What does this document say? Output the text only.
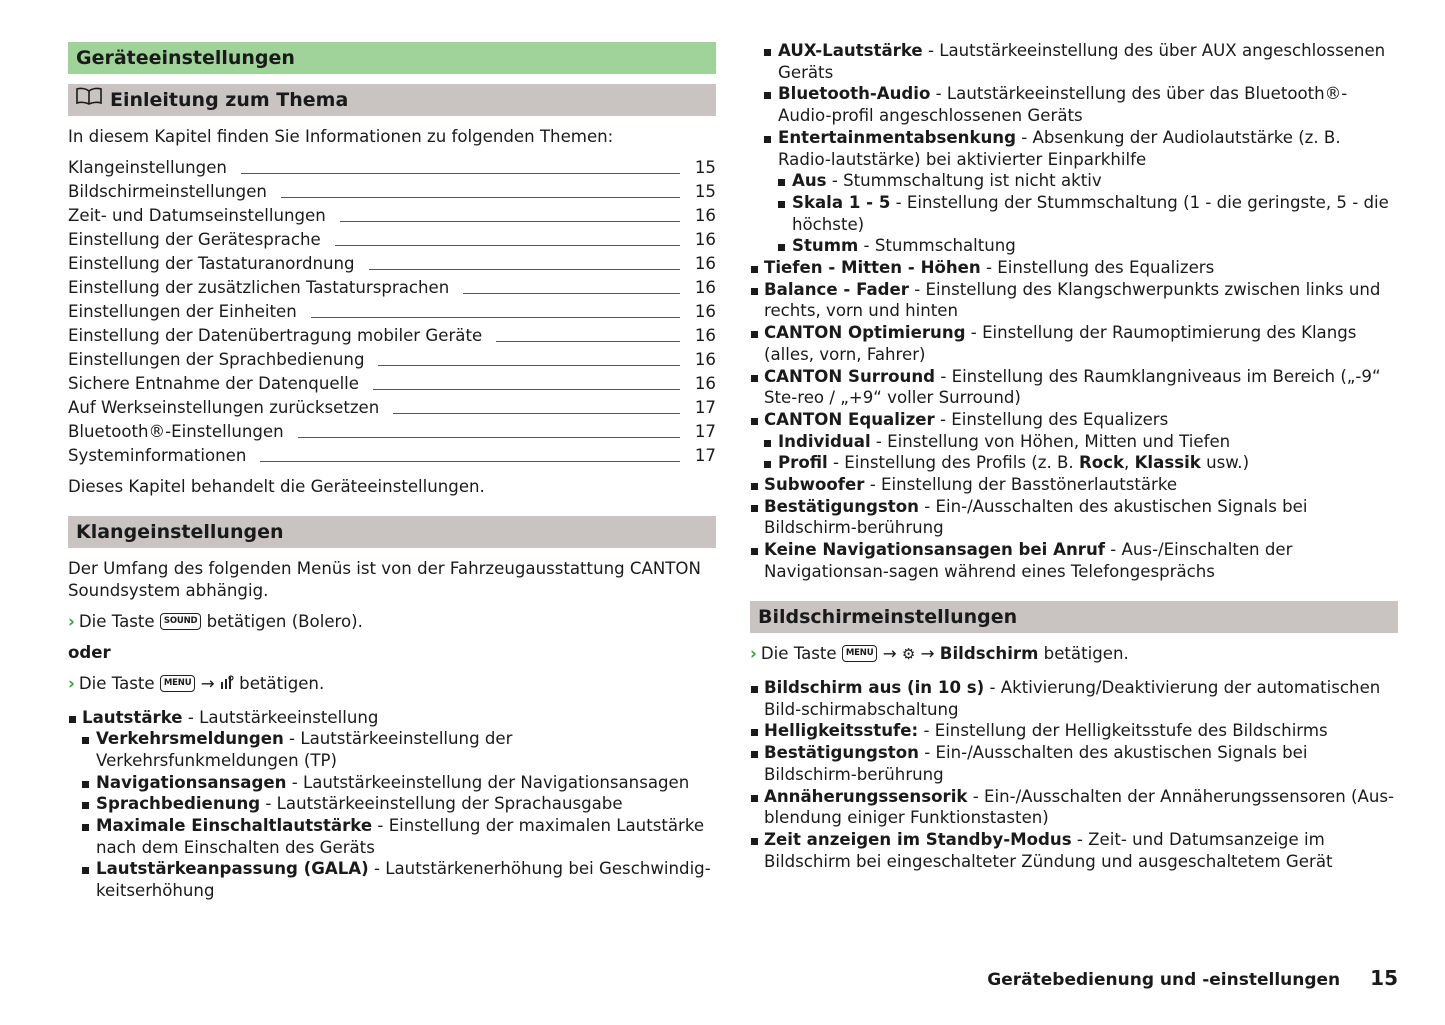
Geräteeinstellungen
Einleitung zum Thema

In diesem Kapitel finden Sie Informationen zu folgenden Themen:

Klangeinstellungen	15
Bildschirmeinstellungen	15
Zeit- und Datumseinstellungen	16
Einstellung der Gerätesprache	16
Einstellung der Tastaturanordnung	16
Einstellung der zusätzlichen Tastatursprachen	16
Einstellungen der Einheiten	16
Einstellung der Datenübertragung mobiler Geräte	16
Einstellungen der Sprachbedienung	16
Sichere Entnahme der Datenquelle	16
Auf Werkseinstellungen zurücksetzen	17
Bluetooth®-Einstellungen	17
Systeminformationen	17

Dieses Kapitel behandelt die Geräteeinstellungen.

Klangeinstellungen

Der Umfang des folgenden Menüs ist von der Fahrzeugausstattung CANTON Soundsystem abhängig.

› Die Taste SOUND betätigen (Bolero).
oder
› Die Taste MENU → betätigen.
Lautstärke - Lautstärkeeinstellung
Verkehrsmeldungen - Lautstärkeeinstellung der Verkehrsfunkmeldungen (TP)
Navigationsansagen - Lautstärkeeinstellung der Navigationsansagen
Sprachbedienung - Lautstärkeeinstellung der Sprachausgabe
Maximale Einschaltlautstärke - Einstellung der maximalen Lautstärke nach dem Einschalten des Geräts
Lautstärkeanpassung (GALA) - Lautstärkenerhöhung bei Geschwindig-keitserhöhung
AUX-Lautstärke - Lautstärkeeinstellung des über AUX angeschlossenen Geräts
Bluetooth-Audio - Lautstärkeeinstellung des über das Bluetooth®-Audio-profil angeschlossenen Geräts
Entertainmentabsenkung - Absenkung der Audiolautstärke (z. B. Radio-lautstärke) bei aktivierter Einparkhilfe
Aus - Stummschaltung ist nicht aktiv
Skala 1 - 5 - Einstellung der Stummschaltung (1 - die geringste, 5 - die höchste)
Stumm - Stummschaltung
Tiefen - Mitten - Höhen - Einstellung des Equalizers
Balance - Fader - Einstellung des Klangschwerpunkts zwischen links und rechts, vorn und hinten
CANTON Optimierung - Einstellung der Raumoptimierung des Klangs (alles, vorn, Fahrer)
CANTON Surround - Einstellung des Raumklangniveaus im Bereich („-9“ Ste-reo / „+9“ voller Surround)
CANTON Equalizer - Einstellung des Equalizers
Individual - Einstellung von Höhen, Mitten und Tiefen
Profil - Einstellung des Profils (z. B. Rock, Klassik usw.)
Subwoofer - Einstellung der Basstönerlautstärke
Bestätigungston - Ein-/Ausschalten des akustischen Signals bei Bildschirm-berührung
Keine Navigationsansagen bei Anruf - Aus-/Einschalten der Navigationsan-sagen während eines Telefongesprächs
Bildschirmeinstellungen
› Die Taste MENU → ⚙ → Bildschirm betätigen.
Bildschirm aus (in 10 s) - Aktivierung/Deaktivierung der automatischen Bild-schirmabschaltung
Helligkeitsstufe: - Einstellung der Helligkeitsstufe des Bildschirms
Bestätigungston - Ein-/Ausschalten des akustischen Signals bei Bildschirm-berührung
Annäherungssensorik - Ein-/Ausschalten der Annäherungssensoren (Aus-blendung einiger Funktionstasten)
Zeit anzeigen im Standby-Modus - Zeit- und Datumsanzeige im Bildschirm bei eingeschalteter Zündung und ausgeschaltetem Gerät
Gerätebedienung und -einstellungen 15
